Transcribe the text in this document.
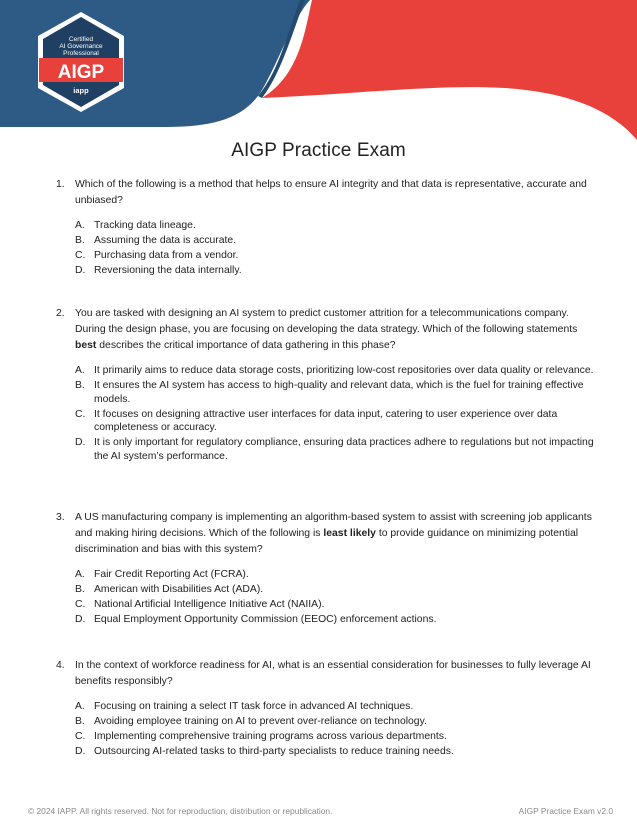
Certified
AI Governance
Professional
AIGP
iapp
AIGP Practice Exam
1. Which of the following is a method that helps to ensure AI integrity and that data is representative, accurate and unbiased?
A. Tracking data lineage.
B. Assuming the data is accurate.
C. Purchasing data from a vendor.
D. Reversioning the data internally.
2. You are tasked with designing an AI system to predict customer attrition for a telecommunications company. During the design phase, you are focusing on developing the data strategy. Which of the following statements best describes the critical importance of data gathering in this phase?
A. It primarily aims to reduce data storage costs, prioritizing low-cost repositories over data quality or relevance.
B. It ensures the AI system has access to high-quality and relevant data, which is the fuel for training effective models.
C. It focuses on designing attractive user interfaces for data input, catering to user experience over data completeness or accuracy.
D. It is only important for regulatory compliance, ensuring data practices adhere to regulations but not impacting the AI system’s performance.
3. A US manufacturing company is implementing an algorithm-based system to assist with screening job applicants and making hiring decisions. Which of the following is least likely to provide guidance on minimizing potential discrimination and bias with this system?
A. Fair Credit Reporting Act (FCRA).
B. American with Disabilities Act (ADA).
C. National Artificial Intelligence Initiative Act (NAIIA).
D. Equal Employment Opportunity Commission (EEOC) enforcement actions.
4. In the context of workforce readiness for AI, what is an essential consideration for businesses to fully leverage AI benefits responsibly?
A. Focusing on training a select IT task force in advanced AI techniques.
B. Avoiding employee training on AI to prevent over-reliance on technology.
C. Implementing comprehensive training programs across various departments.
D. Outsourcing AI-related tasks to third-party specialists to reduce training needs.
© 2024 IAPP. All rights reserved. Not for reproduction, distribution or republication.	AIGP Practice Exam v2.0
